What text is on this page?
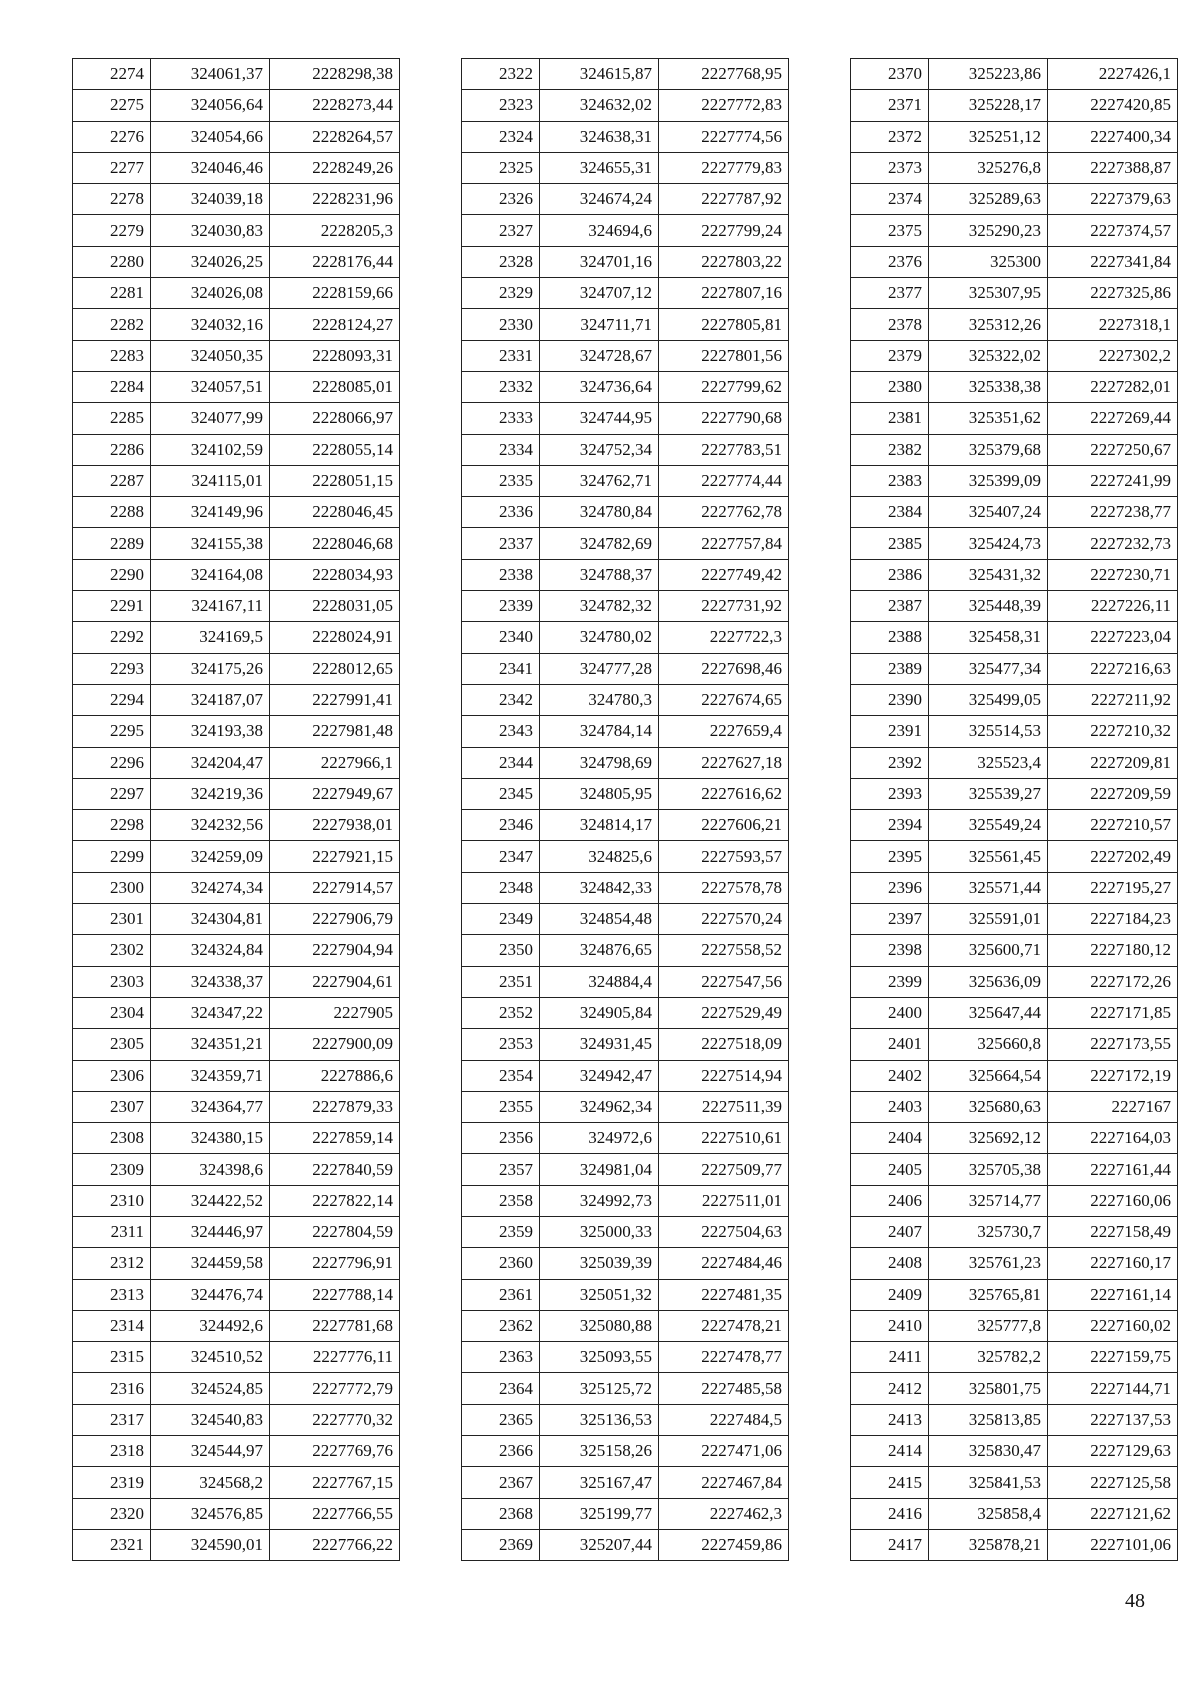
2274	324061,37	2228298,38
2275	324056,64	2228273,44
2276	324054,66	2228264,57
2277	324046,46	2228249,26
2278	324039,18	2228231,96
2279	324030,83	2228205,3
2280	324026,25	2228176,44
2281	324026,08	2228159,66
2282	324032,16	2228124,27
2283	324050,35	2228093,31
2284	324057,51	2228085,01
2285	324077,99	2228066,97
2286	324102,59	2228055,14
2287	324115,01	2228051,15
2288	324149,96	2228046,45
2289	324155,38	2228046,68
2290	324164,08	2228034,93
2291	324167,11	2228031,05
2292	324169,5	2228024,91
2293	324175,26	2228012,65
2294	324187,07	2227991,41
2295	324193,38	2227981,48
2296	324204,47	2227966,1
2297	324219,36	2227949,67
2298	324232,56	2227938,01
2299	324259,09	2227921,15
2300	324274,34	2227914,57
2301	324304,81	2227906,79
2302	324324,84	2227904,94
2303	324338,37	2227904,61
2304	324347,22	2227905
2305	324351,21	2227900,09
2306	324359,71	2227886,6
2307	324364,77	2227879,33
2308	324380,15	2227859,14
2309	324398,6	2227840,59
2310	324422,52	2227822,14
2311	324446,97	2227804,59
2312	324459,58	2227796,91
2313	324476,74	2227788,14
2314	324492,6	2227781,68
2315	324510,52	2227776,11
2316	324524,85	2227772,79
2317	324540,83	2227770,32
2318	324544,97	2227769,76
2319	324568,2	2227767,15
2320	324576,85	2227766,55
2321	324590,01	2227766,22
2322	324615,87	2227768,95
2323	324632,02	2227772,83
2324	324638,31	2227774,56
2325	324655,31	2227779,83
2326	324674,24	2227787,92
2327	324694,6	2227799,24
2328	324701,16	2227803,22
2329	324707,12	2227807,16
2330	324711,71	2227805,81
2331	324728,67	2227801,56
2332	324736,64	2227799,62
2333	324744,95	2227790,68
2334	324752,34	2227783,51
2335	324762,71	2227774,44
2336	324780,84	2227762,78
2337	324782,69	2227757,84
2338	324788,37	2227749,42
2339	324782,32	2227731,92
2340	324780,02	2227722,3
2341	324777,28	2227698,46
2342	324780,3	2227674,65
2343	324784,14	2227659,4
2344	324798,69	2227627,18
2345	324805,95	2227616,62
2346	324814,17	2227606,21
2347	324825,6	2227593,57
2348	324842,33	2227578,78
2349	324854,48	2227570,24
2350	324876,65	2227558,52
2351	324884,4	2227547,56
2352	324905,84	2227529,49
2353	324931,45	2227518,09
2354	324942,47	2227514,94
2355	324962,34	2227511,39
2356	324972,6	2227510,61
2357	324981,04	2227509,77
2358	324992,73	2227511,01
2359	325000,33	2227504,63
2360	325039,39	2227484,46
2361	325051,32	2227481,35
2362	325080,88	2227478,21
2363	325093,55	2227478,77
2364	325125,72	2227485,58
2365	325136,53	2227484,5
2366	325158,26	2227471,06
2367	325167,47	2227467,84
2368	325199,77	2227462,3
2369	325207,44	2227459,86
2370	325223,86	2227426,1
2371	325228,17	2227420,85
2372	325251,12	2227400,34
2373	325276,8	2227388,87
2374	325289,63	2227379,63
2375	325290,23	2227374,57
2376	325300	2227341,84
2377	325307,95	2227325,86
2378	325312,26	2227318,1
2379	325322,02	2227302,2
2380	325338,38	2227282,01
2381	325351,62	2227269,44
2382	325379,68	2227250,67
2383	325399,09	2227241,99
2384	325407,24	2227238,77
2385	325424,73	2227232,73
2386	325431,32	2227230,71
2387	325448,39	2227226,11
2388	325458,31	2227223,04
2389	325477,34	2227216,63
2390	325499,05	2227211,92
2391	325514,53	2227210,32
2392	325523,4	2227209,81
2393	325539,27	2227209,59
2394	325549,24	2227210,57
2395	325561,45	2227202,49
2396	325571,44	2227195,27
2397	325591,01	2227184,23
2398	325600,71	2227180,12
2399	325636,09	2227172,26
2400	325647,44	2227171,85
2401	325660,8	2227173,55
2402	325664,54	2227172,19
2403	325680,63	2227167
2404	325692,12	2227164,03
2405	325705,38	2227161,44
2406	325714,77	2227160,06
2407	325730,7	2227158,49
2408	325761,23	2227160,17
2409	325765,81	2227161,14
2410	325777,8	2227160,02
2411	325782,2	2227159,75
2412	325801,75	2227144,71
2413	325813,85	2227137,53
2414	325830,47	2227129,63
2415	325841,53	2227125,58
2416	325858,4	2227121,62
2417	325878,21	2227101,06
48
